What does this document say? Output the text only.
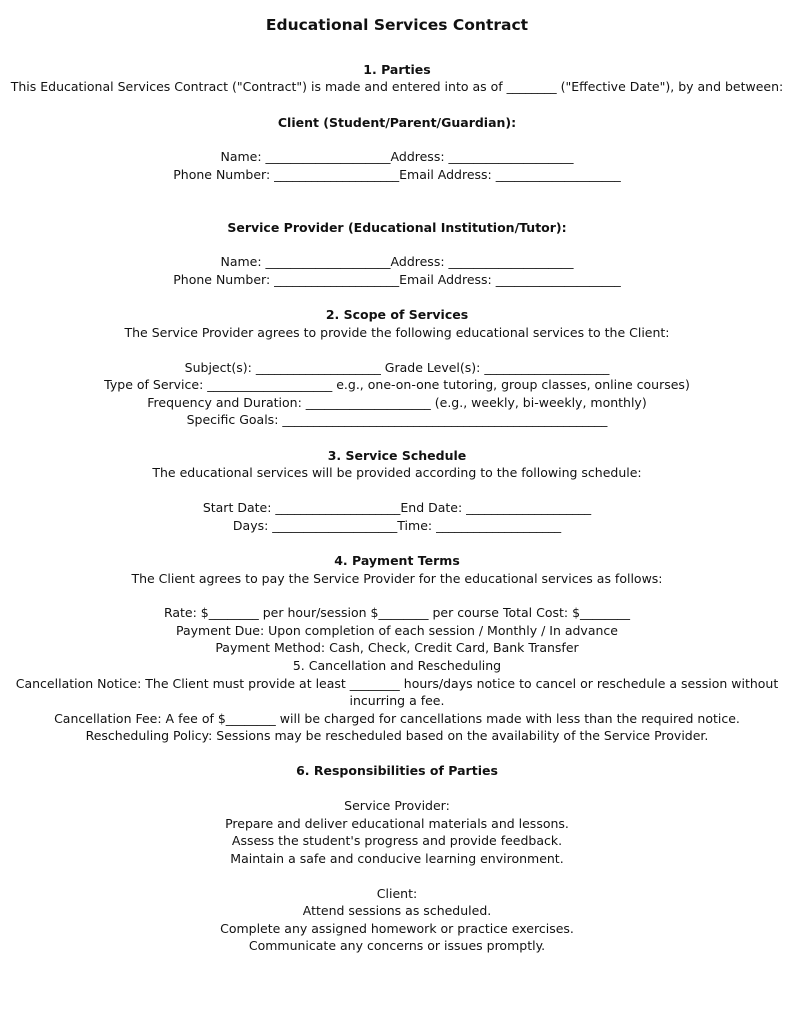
Educational Services Contract
1. Parties
This Educational Services Contract ("Contract") is made and entered into as of ________ ("Effective Date"), by and between:
Client (Student/Parent/Guardian):
Name: ____________________Address: ____________________
Phone Number: ____________________Email Address: ____________________
Service Provider (Educational Institution/Tutor):
Name: ____________________Address: ____________________
Phone Number: ____________________Email Address: ____________________
2. Scope of Services
The Service Provider agrees to provide the following educational services to the Client:
Subject(s): ____________________ Grade Level(s): ____________________
Type of Service: ____________________ e.g., one-on-one tutoring, group classes, online courses)
Frequency and Duration: ____________________ (e.g., weekly, bi-weekly, monthly)
Specific Goals: ____________________________________________________
3. Service Schedule
The educational services will be provided according to the following schedule:
Start Date: ____________________End Date: ____________________
Days: ____________________Time: ____________________
4. Payment Terms
The Client agrees to pay the Service Provider for the educational services as follows:
Rate: $________ per hour/session $________ per course Total Cost: $________
Payment Due: Upon completion of each session / Monthly / In advance
Payment Method: Cash, Check, Credit Card, Bank Transfer
5. Cancellation and Rescheduling
Cancellation Notice: The Client must provide at least ________ hours/days notice to cancel or reschedule a session without incurring a fee.
Cancellation Fee: A fee of $________ will be charged for cancellations made with less than the required notice.
Rescheduling Policy: Sessions may be rescheduled based on the availability of the Service Provider.
6. Responsibilities of Parties
Service Provider:
Prepare and deliver educational materials and lessons.
Assess the student's progress and provide feedback.
Maintain a safe and conducive learning environment.
Client:
Attend sessions as scheduled.
Complete any assigned homework or practice exercises.
Communicate any concerns or issues promptly.
